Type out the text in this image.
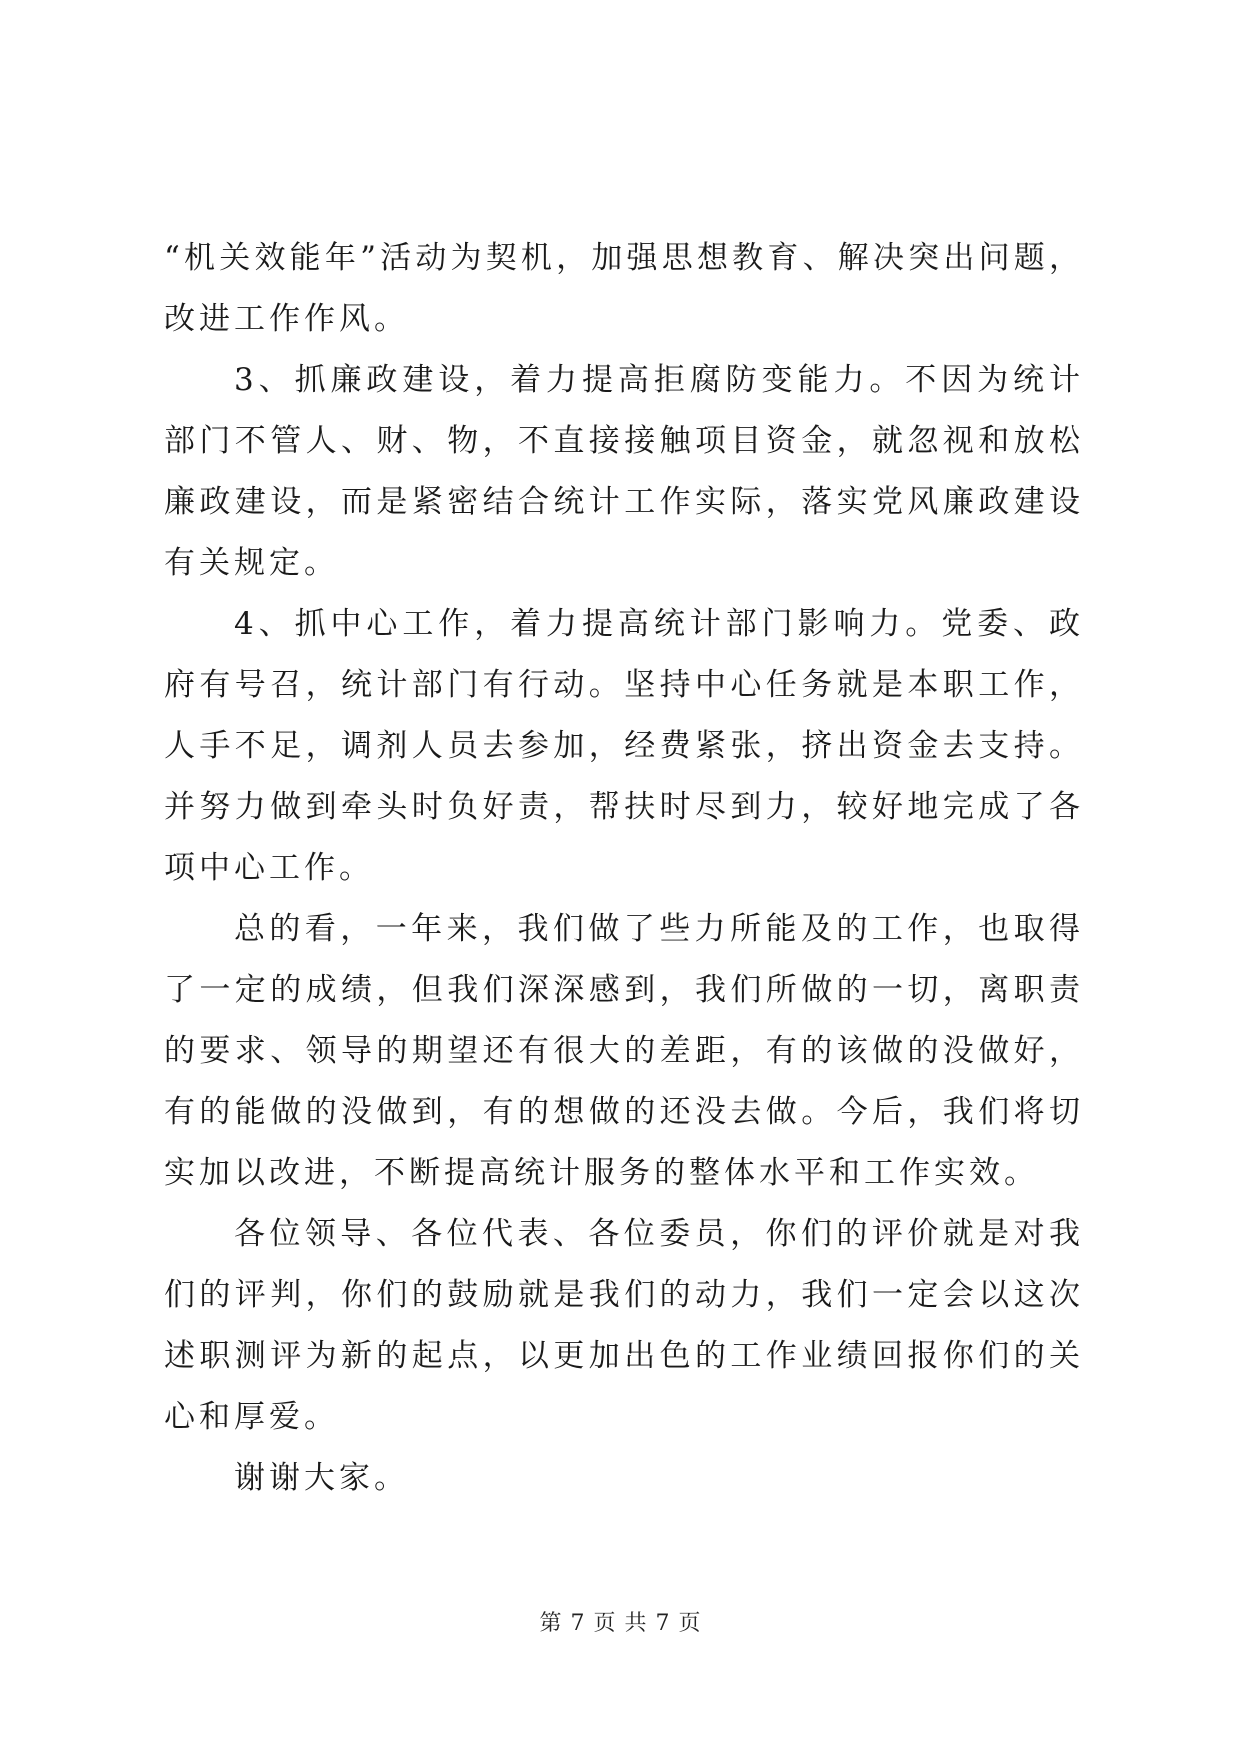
“机关效能年”活动为契机，加强思想教育、解决突出问题，改进工作作风。

3、抓廉政建设，着力提高拒腐防变能力。不因为统计部门不管人、财、物，不直接接触项目资金，就忽视和放松廉政建设，而是紧密结合统计工作实际，落实党风廉政建设有关规定。

4、抓中心工作，着力提高统计部门影响力。党委、政府有号召，统计部门有行动。坚持中心任务就是本职工作，人手不足，调剂人员去参加，经费紧张，挤出资金去支持。并努力做到牵头时负好责，帮扶时尽到力，较好地完成了各项中心工作。

总的看，一年来，我们做了些力所能及的工作，也取得了一定的成绩，但我们深深感到，我们所做的一切，离职责的要求、领导的期望还有很大的差距，有的该做的没做好，有的能做的没做到，有的想做的还没去做。今后，我们将切实加以改进，不断提高统计服务的整体水平和工作实效。

各位领导、各位代表、各位委员，你们的评价就是对我们的评判，你们的鼓励就是我们的动力，我们一定会以这次述职测评为新的起点，以更加出色的工作业绩回报你们的关心和厚爱。

谢谢大家。

第 7 页 共 7 页
